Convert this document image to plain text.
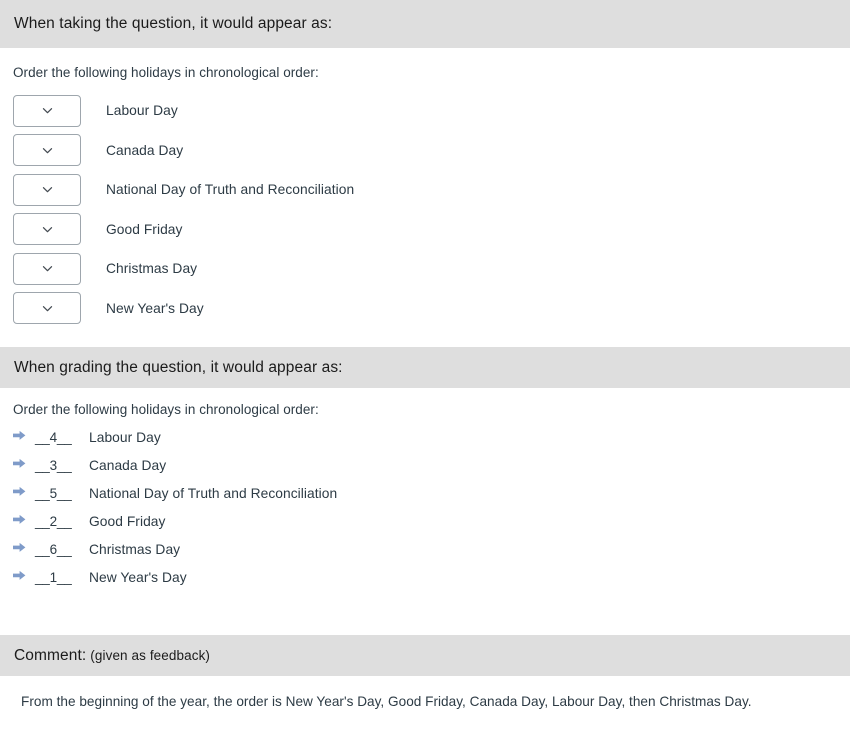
When taking the question, it would appear as:
Order the following holidays in chronological order:
Labour Day
Canada Day
National Day of Truth and Reconciliation
Good Friday
Christmas Day
New Year's Day
When grading the question, it would appear as:
Order the following holidays in chronological order:
__4__	Labour Day
__3__	Canada Day
__5__	National Day of Truth and Reconciliation
__2__	Good Friday
__6__	Christmas Day
__1__	New Year's Day
Comment: (given as feedback)
From the beginning of the year, the order is New Year's Day, Good Friday, Canada Day, Labour Day, then Christmas Day.
